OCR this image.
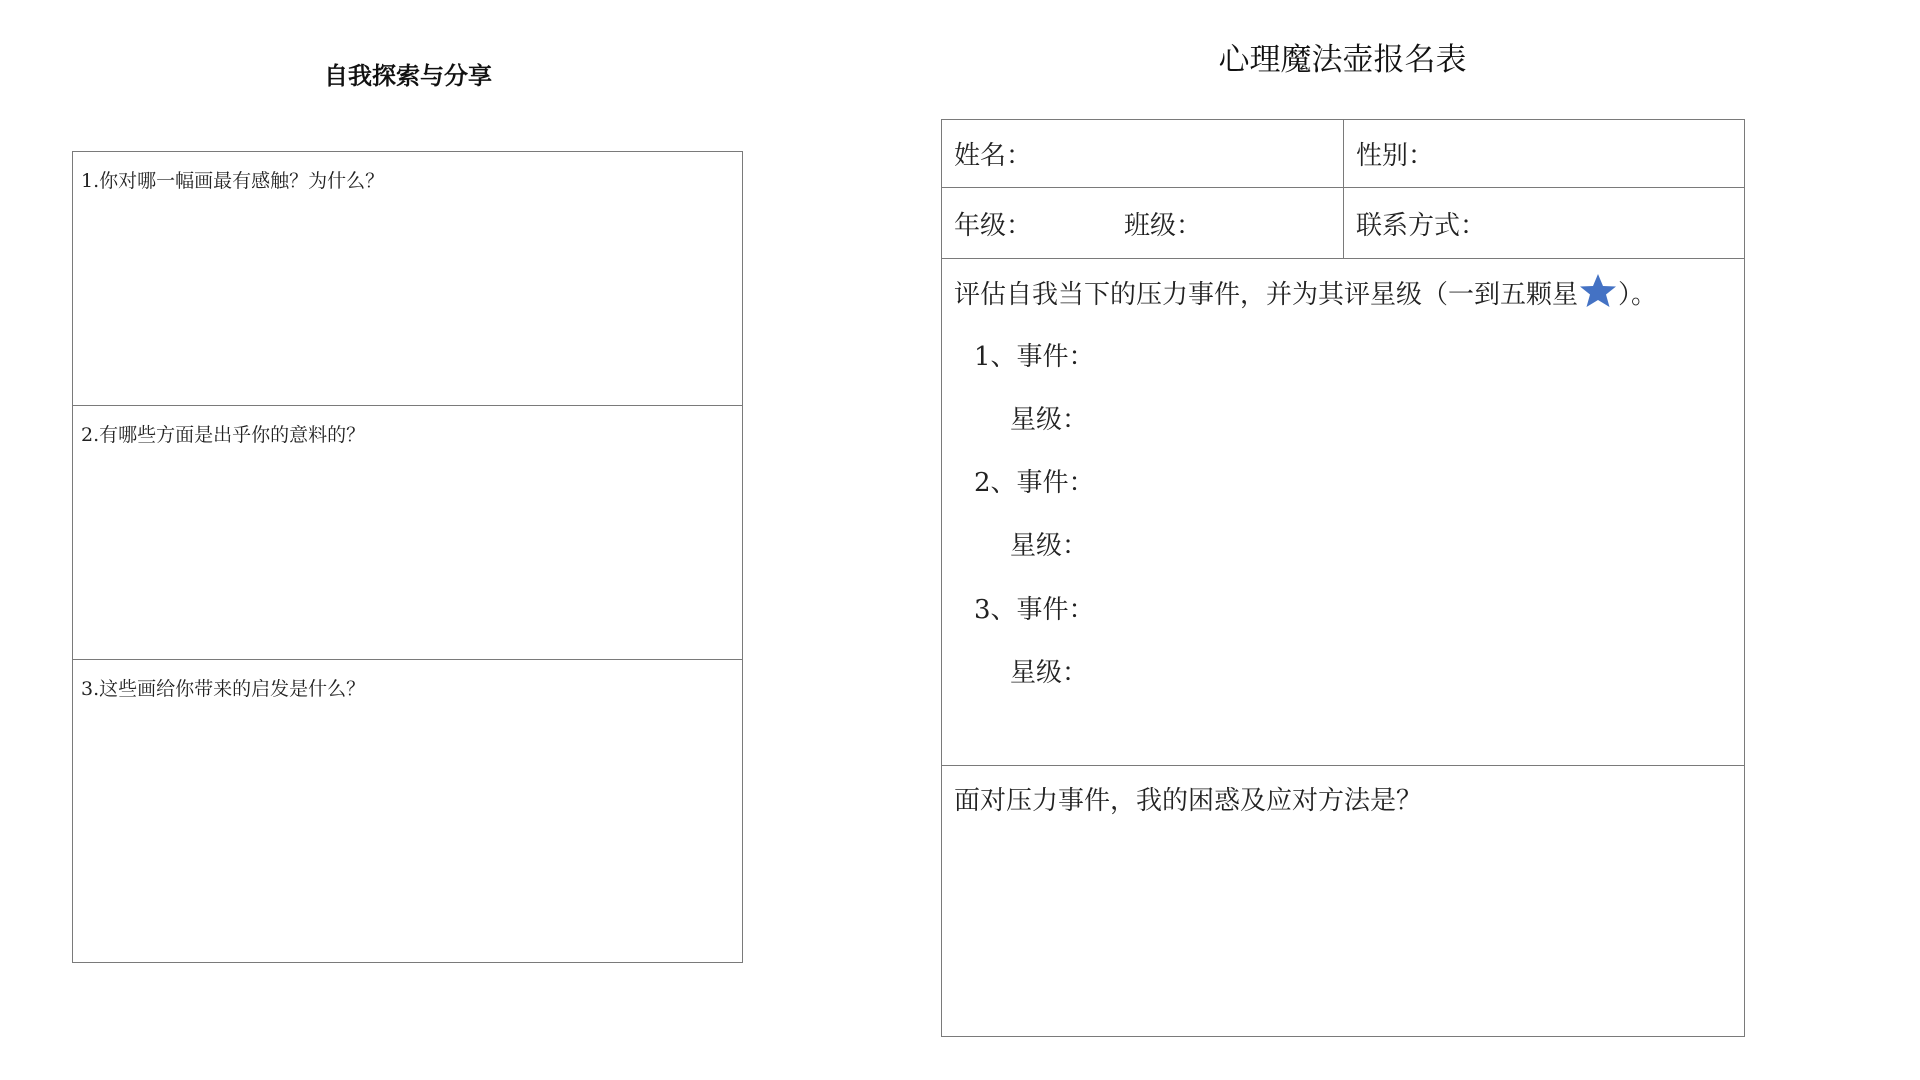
自我探索与分享
1.你对哪一幅画最有感触？为什么？
2.有哪些方面是出乎你的意料的？
3.这些画给你带来的启发是什么？
心理魔法壶报名表
姓名：	性别：
年级：	班级：	联系方式：
评估自我当下的压力事件，并为其评星级（一到五颗星 ）。
1、事件：
星级：
2、事件：
星级：
3、事件：
星级：
面对压力事件，我的困惑及应对方法是？
